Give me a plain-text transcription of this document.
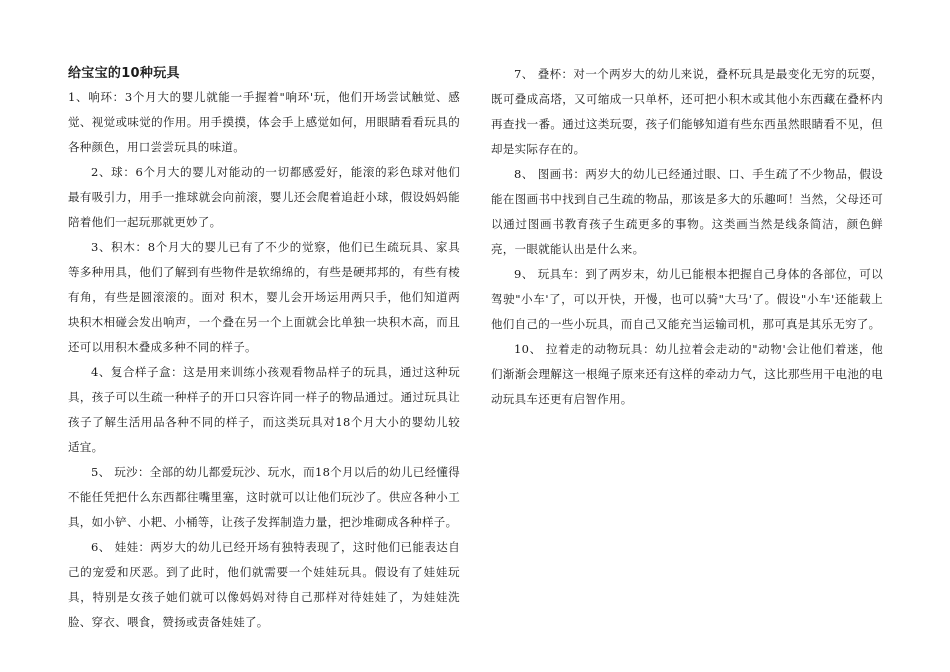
给宝宝的10种玩具

1、响环：3个月大的婴儿就能一手握着"响环'玩，他们开场尝试触觉、感觉、视觉或味觉的作用。用手摸摸，体会手上感觉如何，用眼睛看看玩具的各种颜色，用口尝尝玩具的味道。

2、球：6个月大的婴儿对能动的一切都感爱好，能滚的彩色球对他们最有吸引力，用手一推球就会向前滚，婴儿还会爬着追赶小球，假设妈妈能陪着他们一起玩那就更妙了。

3、积木：8个月大的婴儿已有了不少的觉察，他们已生疏玩具、家具等多种用具，他们了解到有些物件是软绵绵的，有些是硬邦邦的，有些有棱有角，有些是圆滚滚的。面对 积木，婴儿会开场运用两只手，他们知道两块积木相碰会发出响声，一个叠在另一个上面就会比单独一块积木高，而且还可以用积木叠成多种不同的样子。

4、复合样子盒：这是用来训练小孩观看物品样子的玩具，通过这种玩具，孩子可以生疏一种样子的开口只容许同一样子的物品通过。通过玩具让孩子了解生活用品各种不同的样子，而这类玩具对18个月大小的婴幼儿较适宜。

5、 玩沙：全部的幼儿都爱玩沙、玩水，而18个月以后的幼儿已经懂得不能任凭把什么东西都往嘴里塞，这时就可以让他们玩沙了。供应各种小工具，如小铲、小耙、小桶等，让孩子发挥制造力量，把沙堆砌成各种样子。

6、 娃娃：两岁大的幼儿已经开场有独特表现了，这时他们已能表达自己的宠爱和厌恶。到了此时，他们就需要一个娃娃玩具。假设有了娃娃玩具，特别是女孩子她们就可以像妈妈对待自己那样对待娃娃了，为娃娃洗脸、穿衣、喂食，赞扬或责备娃娃了。

7、 叠杯：对一个两岁大的幼儿来说，叠杯玩具是最变化无穷的玩耍，既可叠成高塔，又可缩成一只单杯，还可把小积木或其他小东西藏在叠杯内再查找一番。通过这类玩耍，孩子们能够知道有些东西虽然眼睛看不见，但却是实际存在的。

8、 图画书：两岁大的幼儿已经通过眼、口、手生疏了不少物品，假设能在图画书中找到自己生疏的物品，那该是多大的乐趣呵！当然，父母还可以通过图画书教育孩子生疏更多的事物。这类画当然是线条简洁，颜色鲜亮，一眼就能认出是什么来。

9、 玩具车：到了两岁末，幼儿已能根本把握自己身体的各部位，可以驾驶"小车'了，可以开快，开慢，也可以骑"大马'了。假设"小车'还能载上他们自己的一些小玩具，而自己又能充当运输司机，那可真是其乐无穷了。

10、 拉着走的动物玩具：幼儿拉着会走动的"动物'会让他们着迷，他们渐渐会理解这一根绳子原来还有这样的牵动力气，这比那些用干电池的电动玩具车还更有启智作用。
